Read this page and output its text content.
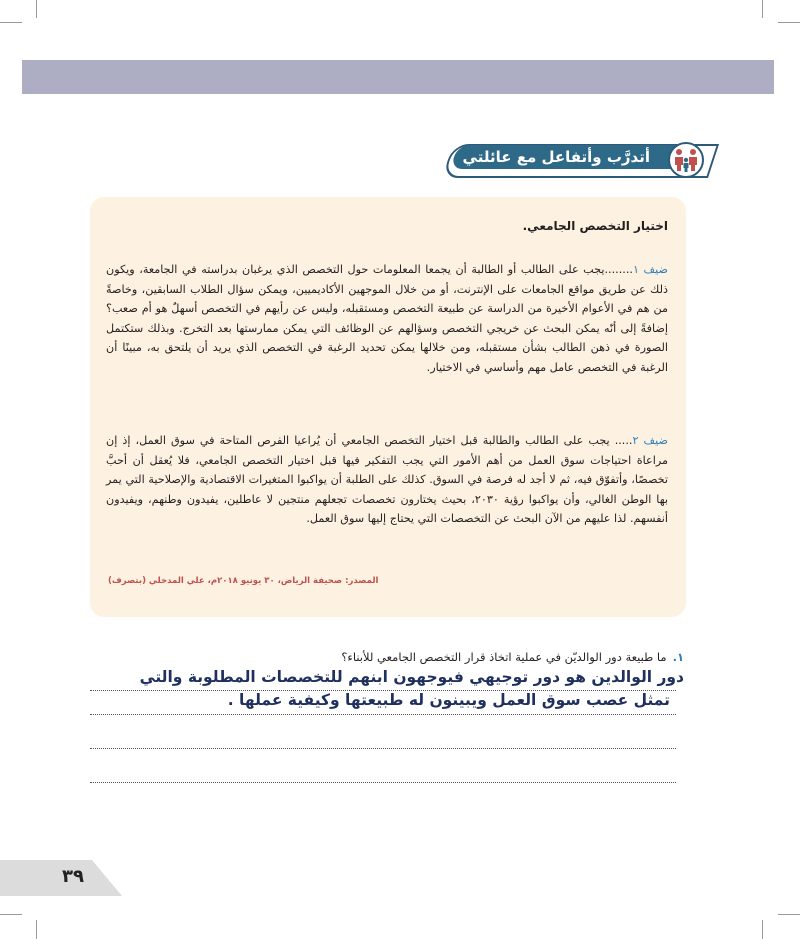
أتدرَّب وأتفاعل مع عائلتي
اختيار التخصص الجامعي.
ضيف ١........يجب على الطالب أو الطالبة أن يجمعا المعلومات حول التخصص الذي يرغبان بدراسته في الجامعة، ويكون ذلك عن طريق مواقع الجامعات على الإنترنت، أو من خلال الموجهين الأكاديميين، ويمكن سؤال الطلاب السابقين، وخاصةً من هم في الأعوام الأخيرة من الدراسة عن طبيعة التخصص ومستقبله، وليس عن رأيهم في التخصص أسهلٌ هو أم صعب؟ إضافةً إلى أنّه يمكن البحث عن خريجي التخصص وسؤالهم عن الوظائف التي يمكن ممارستها بعد التخرج. وبذلك ستكتمل الصورة في ذهن الطالب بشأن مستقبله، ومن خلالها يمكن تحديد الرغبة في التخصص الذي يريد أن يلتحق به، مبينًا أن الرغبة في التخصص عامل مهم وأساسي في الاختيار.
ضيف ٢..... يجب على الطالب والطالبة قبل اختيار التخصص الجامعي أن يُراعيا الفرص المتاحة في سوق العمل، إذ إن مراعاة احتياجات سوق العمل من أهم الأمور التي يجب التفكير فيها قبل اختيار التخصص الجامعي، فلا يُعقل أن أحبَّ تخصصًا، وأتفوّق فيه، ثم لا أجد له فرصة في السوق. كذلك على الطلبة أن يواكبوا المتغيرات الاقتصادية والإصلاحية التي يمر بها الوطن الغالي، وأن يواكبوا رؤية ٢٠٣٠، بحيث يختارون تخصصات تجعلهم منتجين لا عاطلين، يفيدون وطنهم، ويفيدون أنفسهم. لذا عليهم من الآن البحث عن التخصصات التي يحتاج إليها سوق العمل.
المصدر: صحيفة الرياض، ٣٠ يونيو ٢٠١٨م، علي المدخلي (بتصرف)
١.ما طبيعة دور الوالديّن في عملية اتخاذ قرار التخصص الجامعي للأبناء؟
دور الوالدين هو دور توجيهي فيوجهون ابنهم للتخصصات المطلوبة والتي
تمثل عصب سوق العمل ويبينون له طبيعتها وكيفية عملها .
٣٩
